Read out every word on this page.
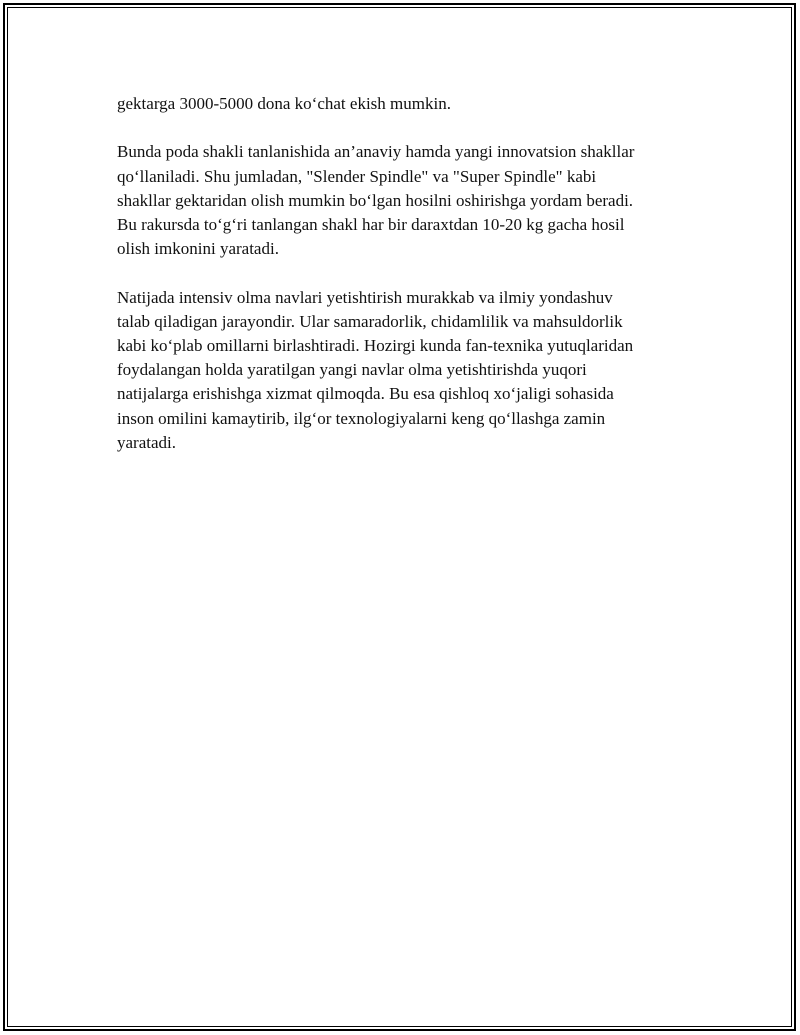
gektarga 3000-5000 dona ko‘chat ekish mumkin.

Bunda poda shakli tanlanishida an’anaviy hamda yangi innovatsion shakllar

qo‘llaniladi. Shu jumladan, "Slender Spindle" va "Super Spindle" kabi

shakllar gektaridan olish mumkin bo‘lgan hosilni oshirishga yordam beradi.

Bu rakursda to‘g‘ri tanlangan shakl har bir daraxtdan 10-20 kg gacha hosil

olish imkonini yaratadi.

Natijada intensiv olma navlari yetishtirish murakkab va ilmiy yondashuv

talab qiladigan jarayondir. Ular samaradorlik, chidamlilik va mahsuldorlik

kabi ko‘plab omillarni birlashtiradi. Hozirgi kunda fan-texnika yutuqlaridan

foydalangan holda yaratilgan yangi navlar olma yetishtirishda yuqori

natijalarga erishishga xizmat qilmoqda. Bu esa qishloq xo‘jaligi sohasida

inson omilini kamaytirib, ilg‘or texnologiyalarni keng qo‘llashga zamin

yaratadi.
